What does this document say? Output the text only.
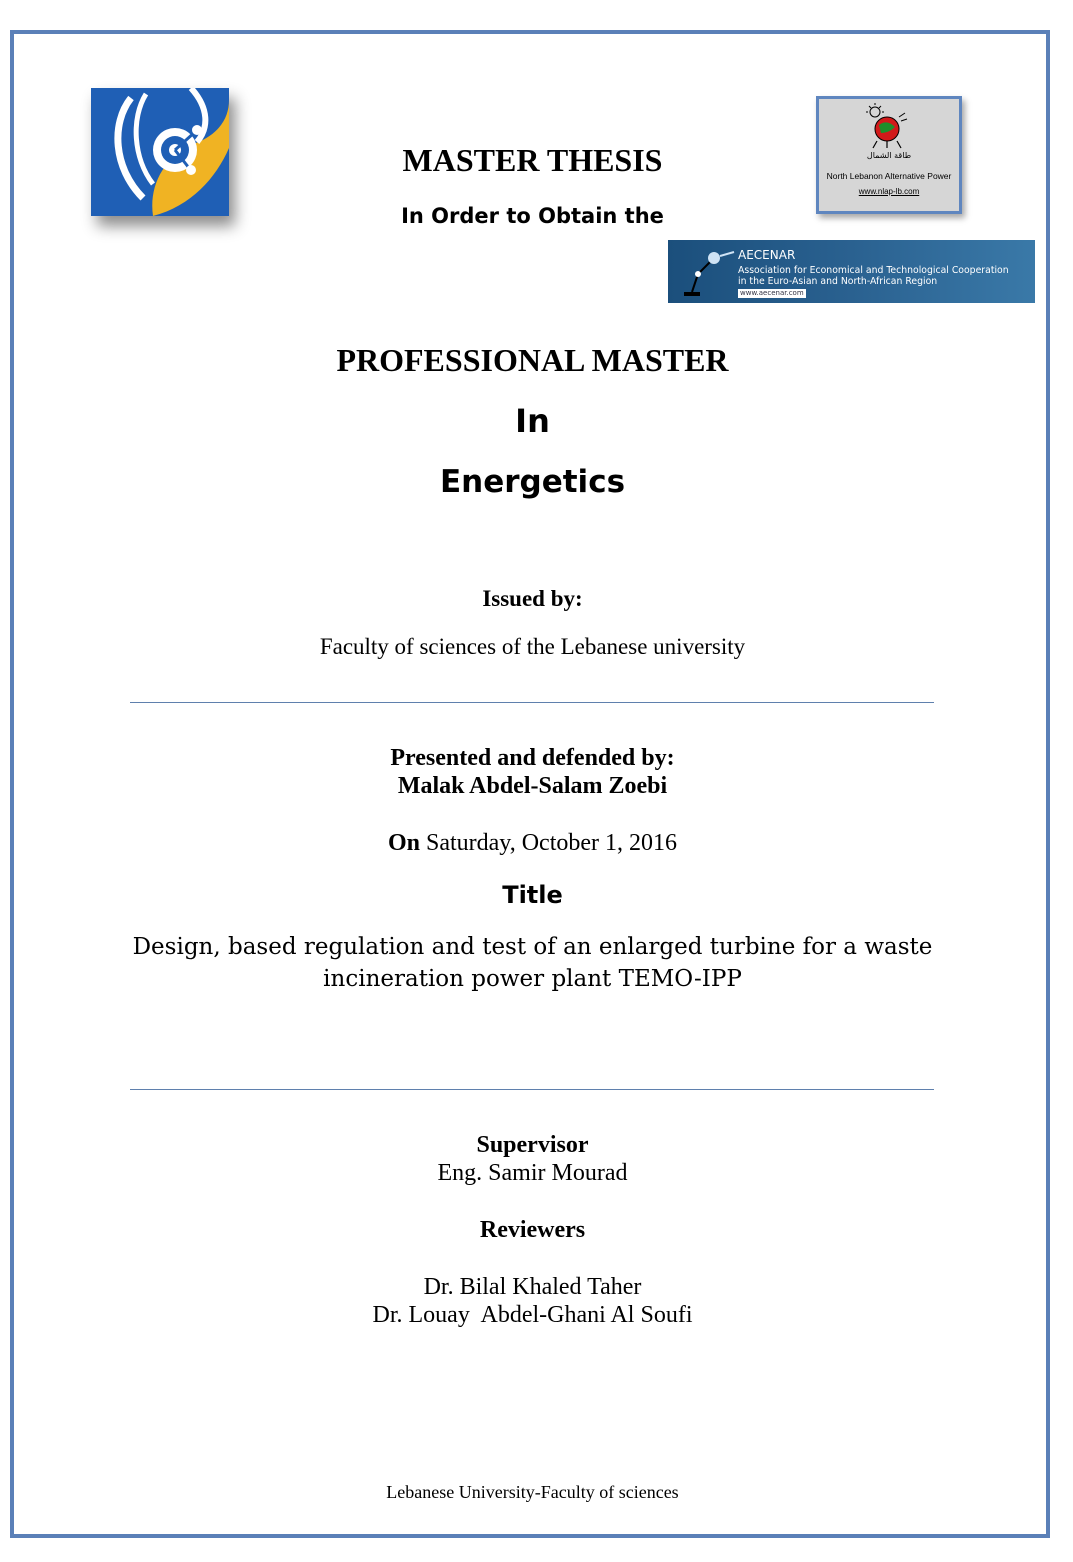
طاقة الشمال
North Lebanon Alternative Power
www.nlap-lb.com
AECENAR
Association for Economical and Technological Cooperation
in the Euro-Asian and North-African Region
www.aecenar.com
MASTER THESIS
In Order to Obtain the
PROFESSIONAL MASTER
In
Energetics
Issued by:
Faculty of sciences of the Lebanese university
Presented and defended by:
Malak Abdel-Salam Zoebi
On Saturday, October 1, 2016
Title
Design, based regulation and test of an enlarged turbine for a waste
incineration power plant TEMO-IPP
Supervisor
Eng. Samir Mourad
Reviewers
Dr. Bilal Khaled Taher
Dr. Louay  Abdel-Ghani Al Soufi
Lebanese University-Faculty of sciences
